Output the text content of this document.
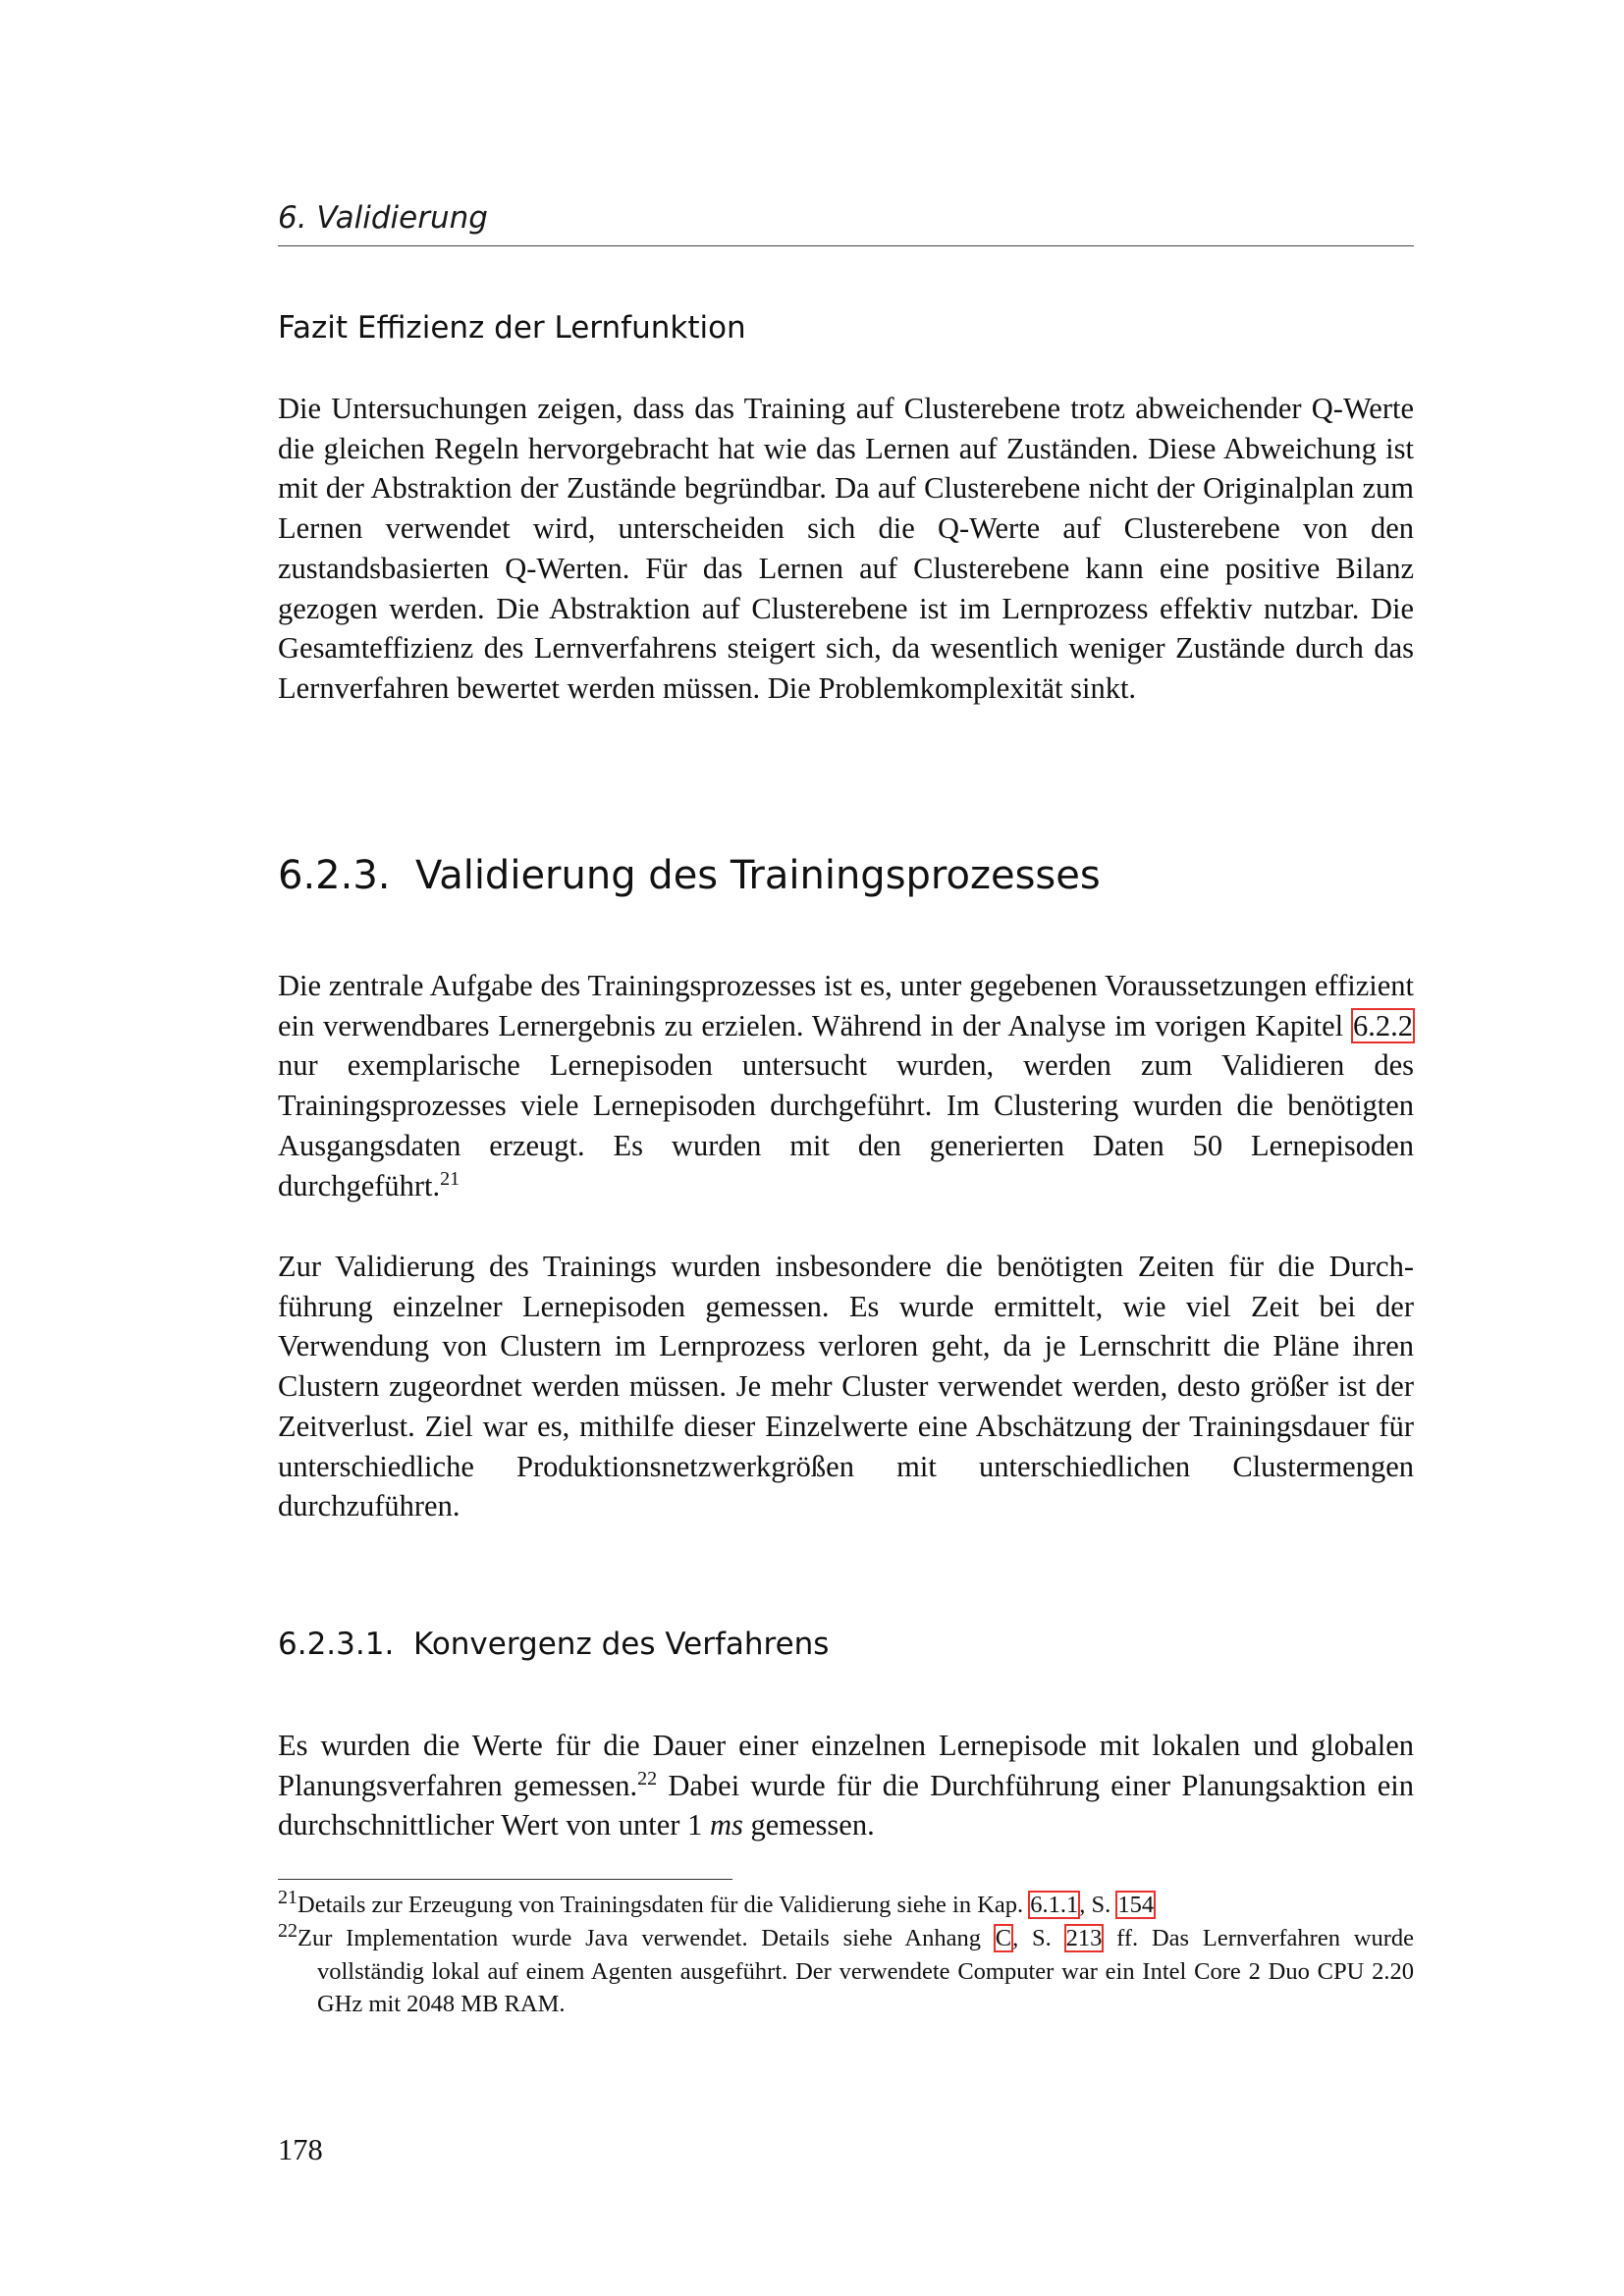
6. Validierung
Fazit Effizienz der Lernfunktion

Die Untersuchungen zeigen, dass das Training auf Clusterebene trotz abweichender Q-Werte die gleichen Regeln hervorgebracht hat wie das Lernen auf Zuständen. Diese Abweichung ist mit der Abstraktion der Zustände begründbar. Da auf Clusterebene nicht der Originalplan zum Lernen verwendet wird, unterscheiden sich die Q-Werte auf Clusterebene von den zustandsbasierten Q-Werten. Für das Lernen auf Clusterebene kann eine positive Bilanz gezogen werden. Die Abstraktion auf Clusterebene ist im Lernprozess effektiv nutzbar. Die Gesamteffizienz des Lernverfahrens steigert sich, da wesentlich weniger Zustände durch das Lernverfahren bewertet werden müssen. Die Problemkomplexität sinkt.

6.2.3. Validierung des Trainingsprozesses

Die zentrale Aufgabe des Trainingsprozesses ist es, unter gegebenen Voraussetzungen effizient ein verwendbares Lernergebnis zu erzielen. Während in der Analyse im vorigen Kapitel 6.2.2 nur exemplarische Lernepisoden untersucht wurden, werden zum Validieren des Trainingsprozesses viele Lernepisoden durchgeführt. Im Clustering wurden die benötigten Ausgangsdaten erzeugt. Es wurden mit den generierten Daten 50 Lernepisoden durchgeführt.$^{21}$

Zur Validierung des Trainings wurden insbesondere die benötigten Zeiten für die Durchführung einzelner Lernepisoden gemessen. Es wurde ermittelt, wie viel Zeit bei der Verwendung von Clustern im Lernprozess verloren geht, da je Lernschritt die Pläne ihren Clustern zugeordnet werden müssen. Je mehr Cluster verwendet werden, desto größer ist der Zeitverlust. Ziel war es, mithilfe dieser Einzelwerte eine Abschätzung der Trainingsdauer für unterschiedliche Produktionsnetzwerkgrößen mit unterschiedlichen Clustermengen durchzuführen.

6.2.3.1. Konvergenz des Verfahrens

Es wurden die Werte für die Dauer einer einzelnen Lernepisode mit lokalen und globalen Planungsverfahren gemessen.$^{22}$ Dabei wurde für die Durchführung einer Planungsaktion ein durchschnittlicher Wert von unter 1 ms gemessen.

$^{21}$Details zur Erzeugung von Trainingsdaten für die Validierung siehe in Kap. 6.1.1, S. 154

$^{22}$Zur Implementation wurde Java verwendet. Details siehe Anhang C, S. 213 ff. Das Lernverfahren wurde vollständig lokal auf einem Agenten ausgeführt. Der verwendete Computer war ein Intel Core 2 Duo CPU 2.20 GHz mit 2048 MB RAM.

178
